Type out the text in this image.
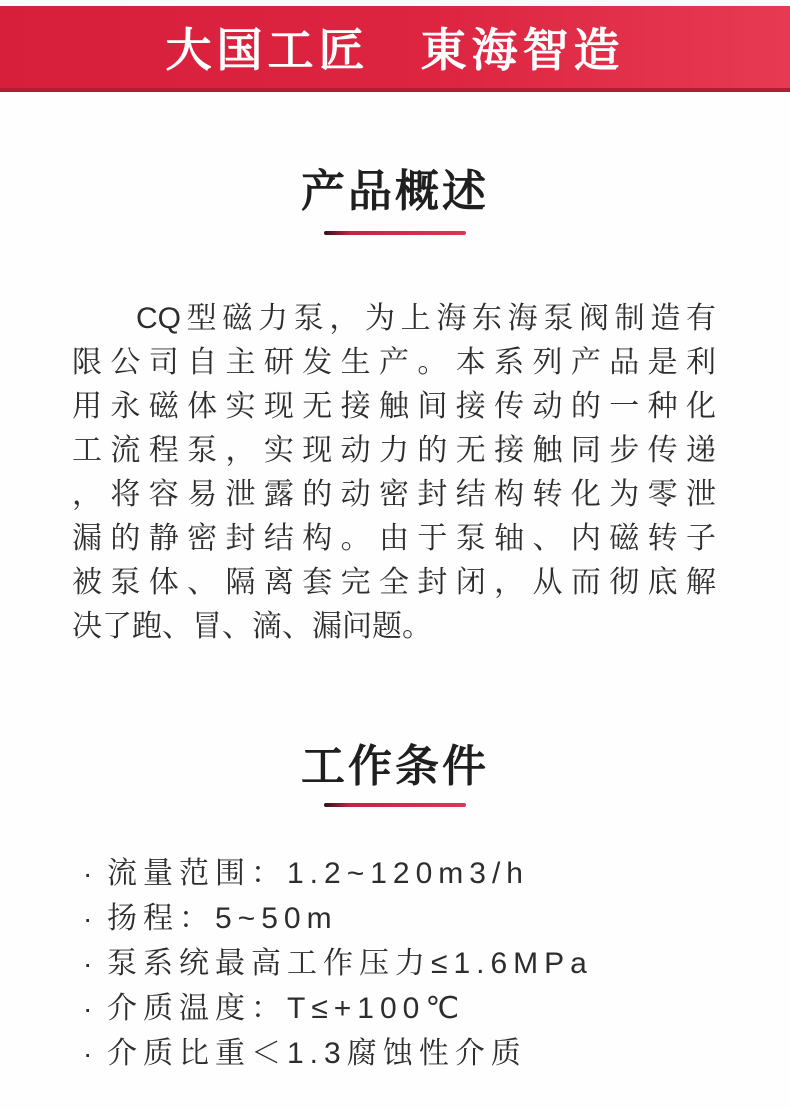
大国工匠　東海智造
产品概述
CQ型磁力泵，为上海东海泵阀制造有
限公司自主研发生产。本系列产品是利
用永磁体实现无接触间接传动的一种化
工流程泵，实现动力的无接触同步传递
，将容易泄露的动密封结构转化为零泄
漏的静密封结构。由于泵轴、内磁转子
被泵体、隔离套完全封闭，从而彻底解
决了跑、冒、滴、漏问题。
工作条件
· 流量范围：1.2~120m3/h
· 扬程：5~50m
· 泵系统最高工作压力≤1.6MPa
· 介质温度：T≤+100℃
· 介质比重＜1.3腐蚀性介质
